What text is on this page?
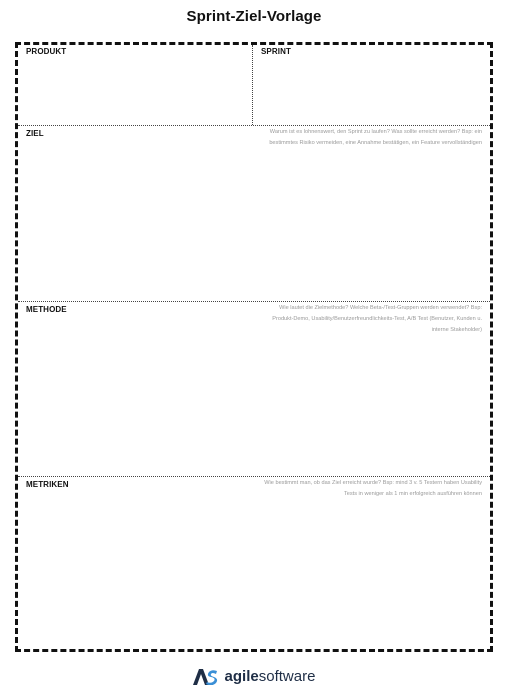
Sprint-Ziel-Vorlage
PRODUKT	SPRINT
ZIEL	Warum ist es lohnenswert, den Sprint zu laufen? Was sollte erreicht werden? Bsp: ein bestimmtes Risiko vermeiden, eine Annahme bestätigen, ein Feature vervollständigen
METHODE	Wie lautet die Zielmethode? Welche Beta-/Test-Gruppen werden verwendet? Bsp: Produkt-Demo, Usability/Benutzerfreundlichkeits-Test, A/B Test (Benutzer, Kunden u. interne Stakeholder)
METRIKEN	Wie bestimmt man, ob das Ziel erreicht wurde? Bsp: mind 3 v. 5 Testern haben Usability Tests in weniger als 1 min erfolgreich ausführen können
agilesoftware
